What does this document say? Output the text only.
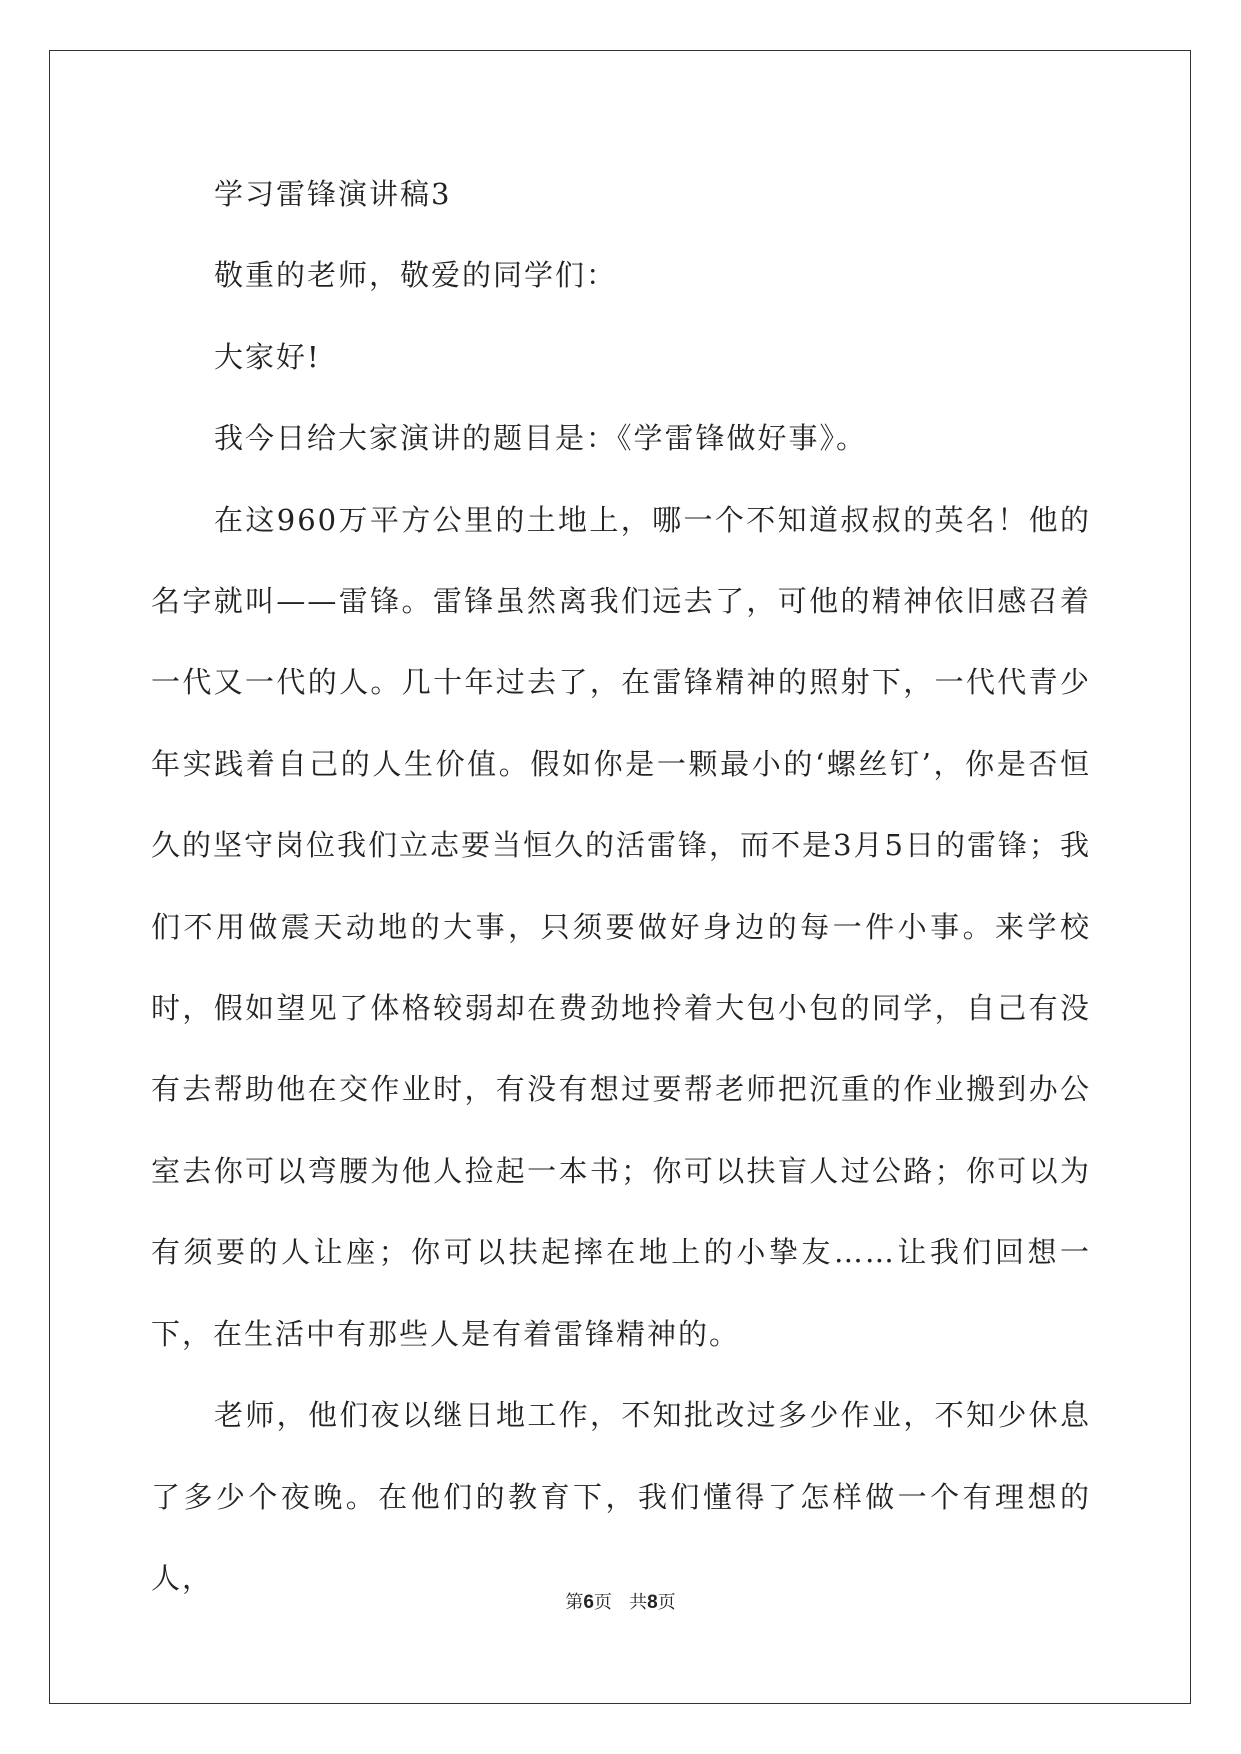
学习雷锋演讲稿3

敬重的老师，敬爱的同学们：

大家好!

我今日给大家演讲的题目是：《学雷锋做好事》。

在这960万平方公里的土地上，哪一个不知道叔叔的英名！他的名字就叫——雷锋。雷锋虽然离我们远去了，可他的精神依旧感召着一代又一代的人。几十年过去了，在雷锋精神的照射下，一代代青少年实践着自己的人生价值。假如你是一颗最小的‘螺丝钉’，你是否恒久的坚守岗位我们立志要当恒久的活雷锋，而不是3月5日的雷锋；我们不用做震天动地的大事，只须要做好身边的每一件小事。来学校时，假如望见了体格较弱却在费劲地拎着大包小包的同学，自己有没有去帮助他在交作业时，有没有想过要帮老师把沉重的作业搬到办公室去你可以弯腰为他人捡起一本书；你可以扶盲人过公路；你可以为有须要的人让座；你可以扶起摔在地上的小挚友……让我们回想一下，在生活中有那些人是有着雷锋精神的。

老师，他们夜以继日地工作，不知批改过多少作业，不知少休息了多少个夜晚。在他们的教育下，我们懂得了怎样做一个有理想的人，

第6页   共8页
